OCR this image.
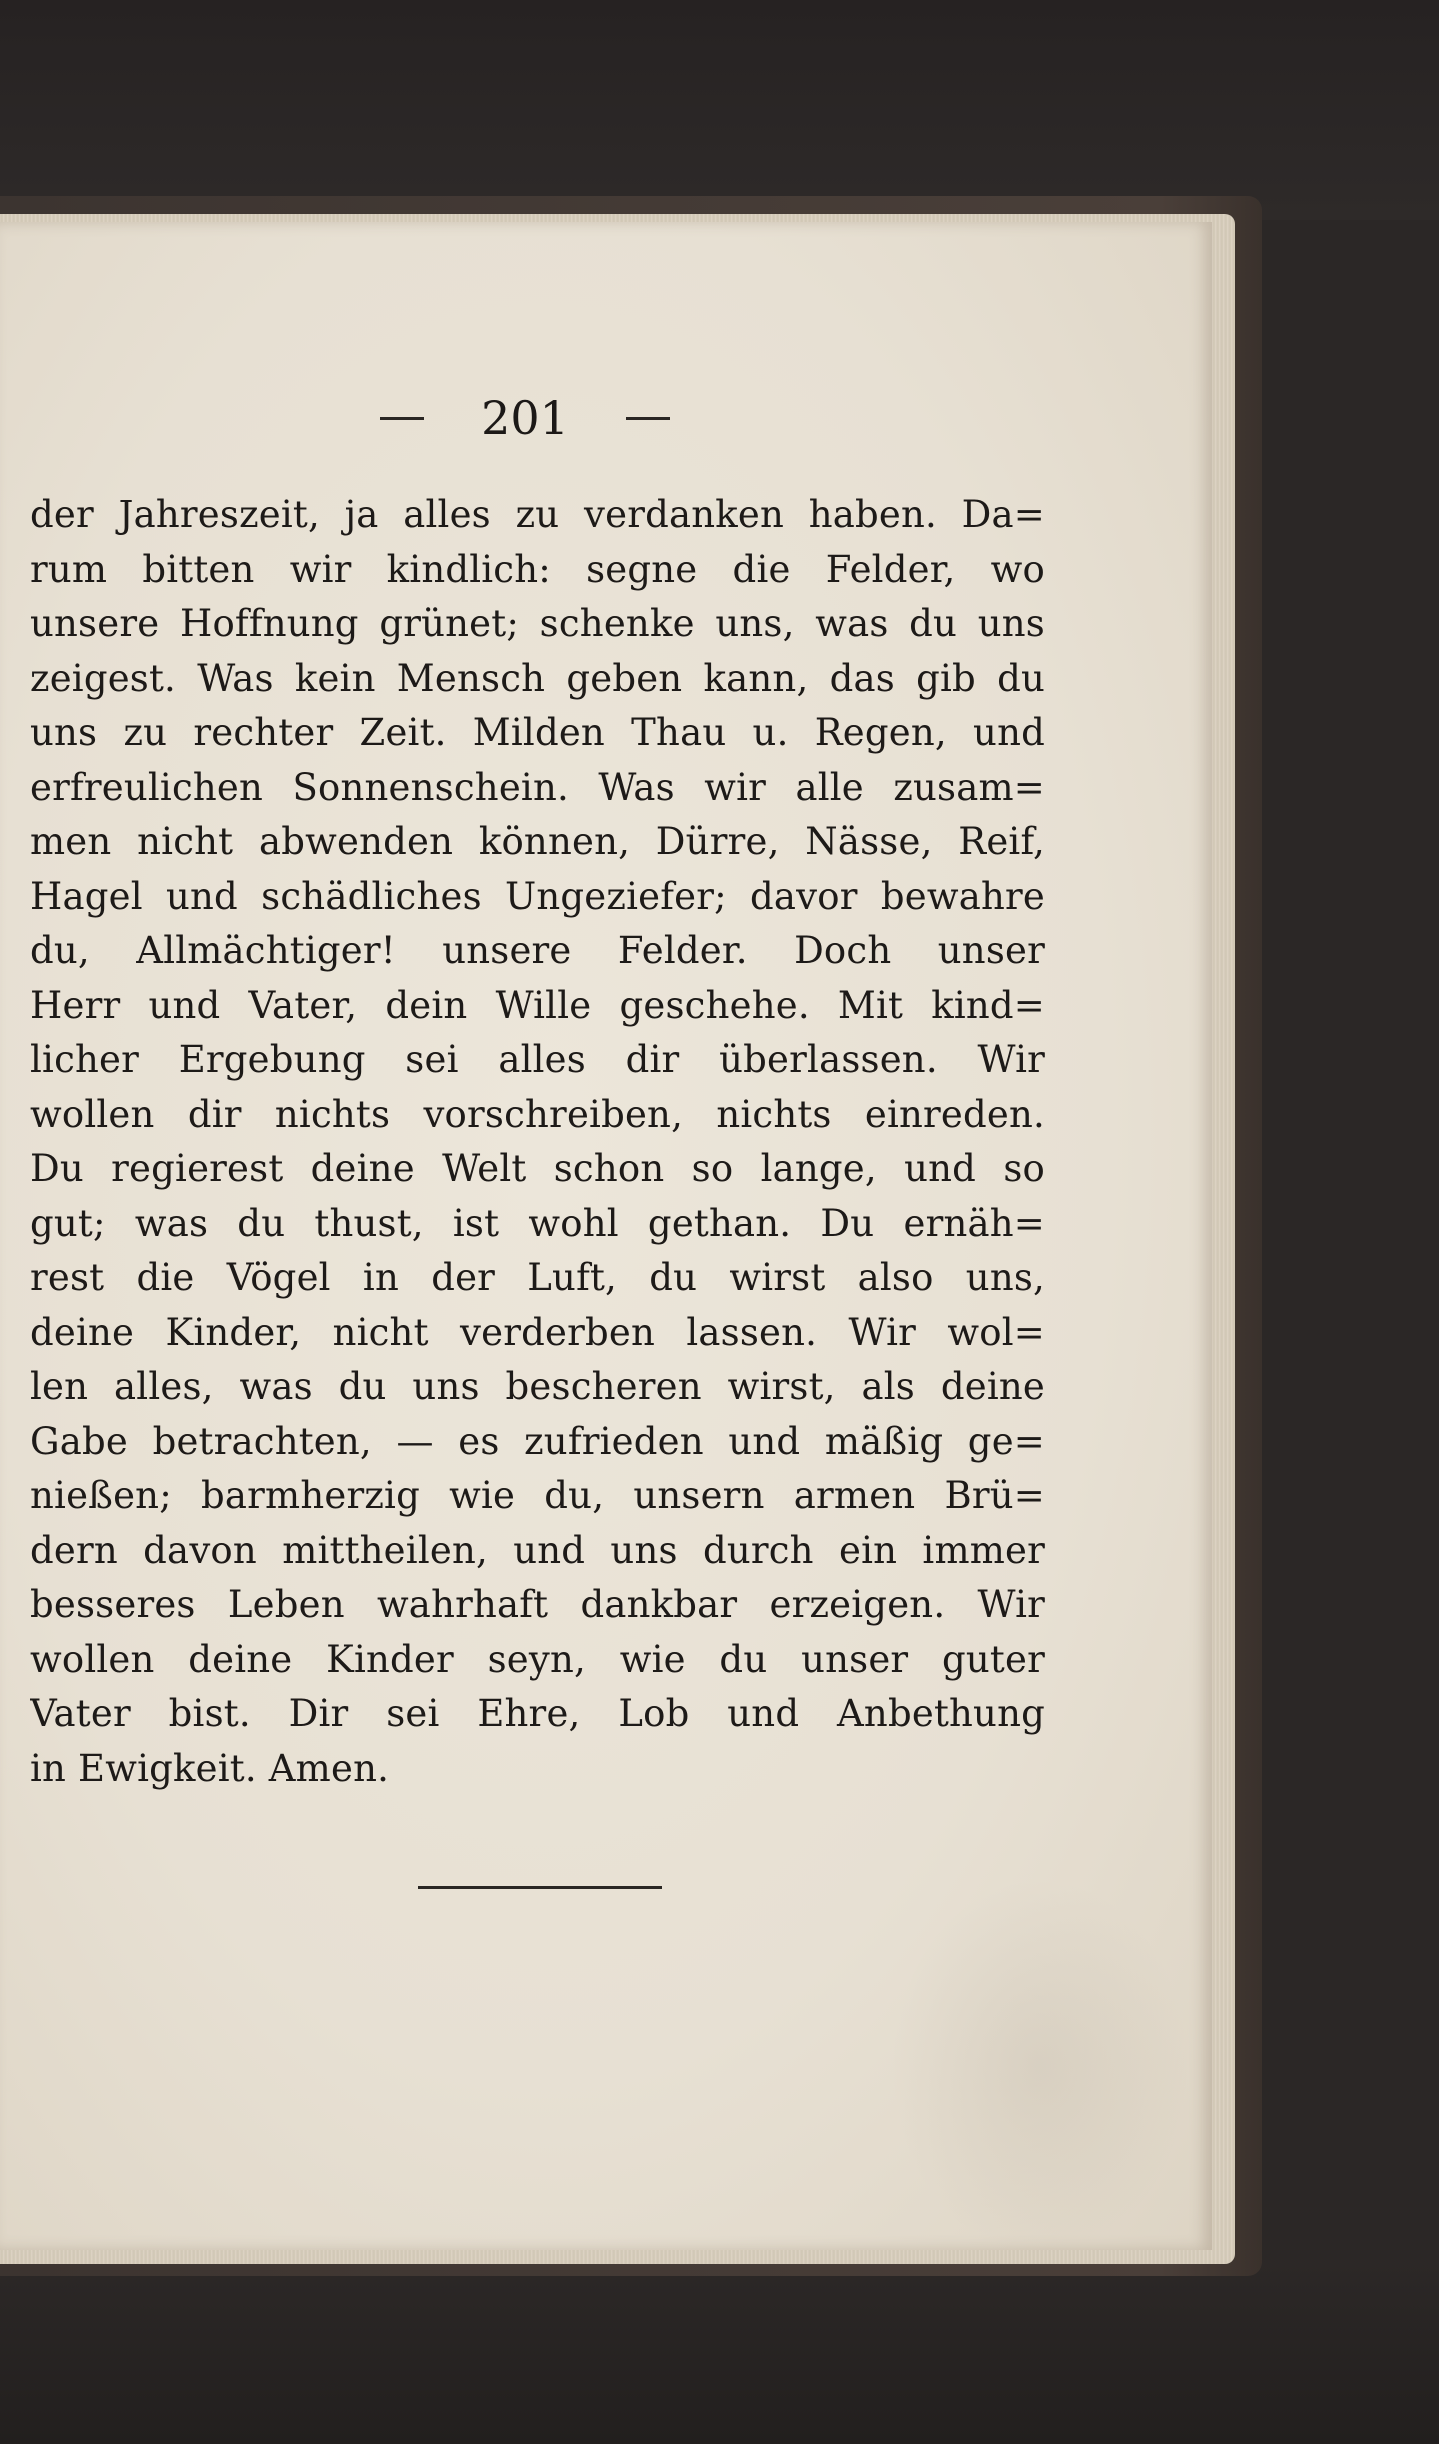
201
der Jahreszeit, ja alles zu verdanken haben. Da=
rum bitten wir kindlich: segne die Felder, wo
unsere Hoffnung grünet; schenke uns, was du uns
zeigest. Was kein Mensch geben kann, das gib du
uns zu rechter Zeit. Milden Thau u. Regen, und
erfreulichen Sonnenschein. Was wir alle zusam=
men nicht abwenden können, Dürre, Nässe, Reif,
Hagel und schädliches Ungeziefer; davor bewahre
du, Allmächtiger! unsere Felder. Doch unser
Herr und Vater, dein Wille geschehe. Mit kind=
licher Ergebung sei alles dir überlassen. Wir
wollen dir nichts vorschreiben, nichts einreden.
Du regierest deine Welt schon so lange, und so
gut; was du thust, ist wohl gethan. Du ernäh=
rest die Vögel in der Luft, du wirst also uns,
deine Kinder, nicht verderben lassen. Wir wol=
len alles, was du uns bescheren wirst, als deine
Gabe betrachten, — es zufrieden und mäßig ge=
nießen; barmherzig wie du, unsern armen Brü=
dern davon mittheilen, und uns durch ein immer
besseres Leben wahrhaft dankbar erzeigen. Wir
wollen deine Kinder seyn, wie du unser guter
Vater bist. Dir sei Ehre, Lob und Anbethung
in Ewigkeit. Amen.
